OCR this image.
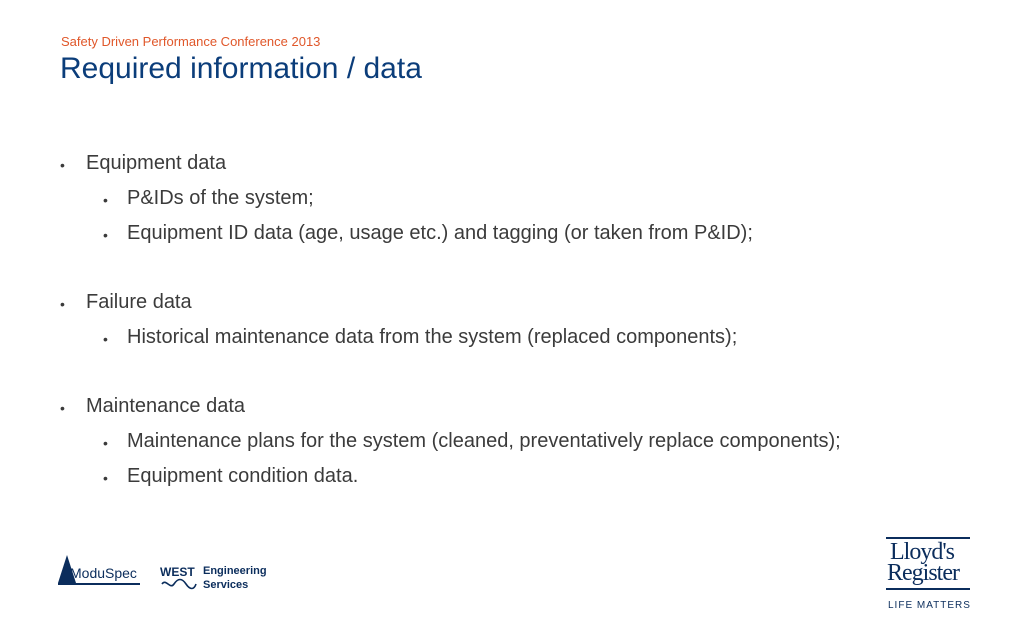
Safety Driven Performance Conference 2013
Required information / data
• Equipment data
• P&IDs of the system;
• Equipment ID data (age, usage etc.) and tagging (or taken from P&ID);
• Failure data
• Historical maintenance data from the system (replaced components);
• Maintenance data
• Maintenance plans for the system (cleaned, preventatively replace components);
• Equipment condition data.
ModuSpec WEST Engineering
Services
Lloyd's
Register
LIFE MATTERS
